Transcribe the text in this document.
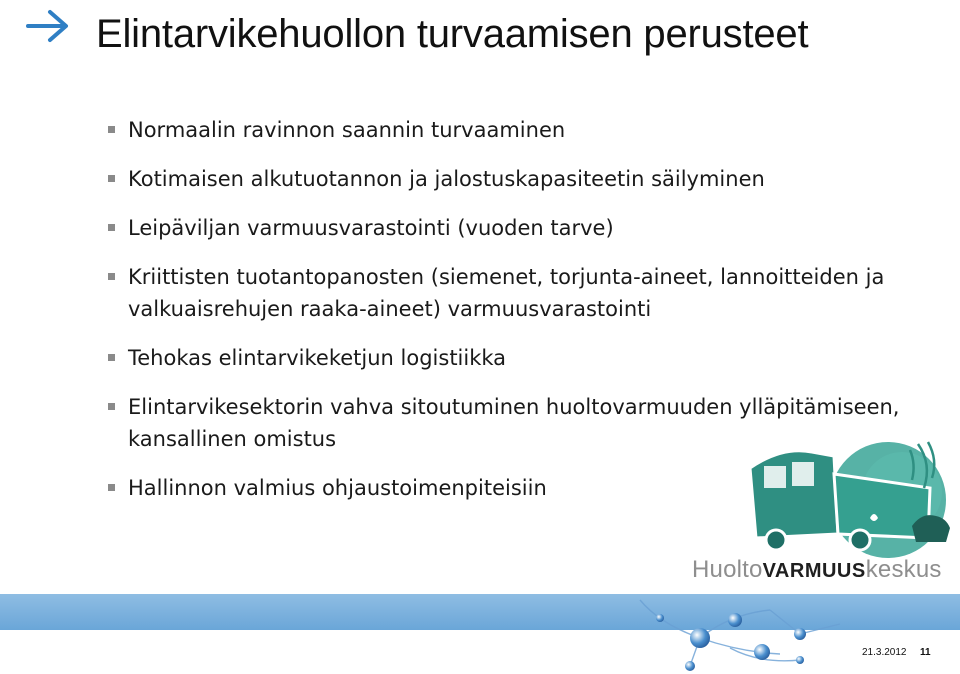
Elintarvikehuollon turvaamisen perusteet
Normaalin ravinnon saannin turvaaminen
Kotimaisen alkutuotannon ja jalostuskapasiteetin säilyminen
Leipäviljan varmuusvarastointi (vuoden tarve)
Kriittisten tuotantopanosten (siemenet, torjunta-aineet, lannoitteiden ja valkuaisrehujen raaka-aineet) varmuusvarastointi
Tehokas elintarvikeketjun logistiikka
Elintarvikesektorin vahva sitoutuminen huoltovarmuuden ylläpitämiseen, kansallinen omistus
Hallinnon valmius ohjaustoimenpiteisiin
HuoltoVARMUUSkeskus
21.3.2012 11
